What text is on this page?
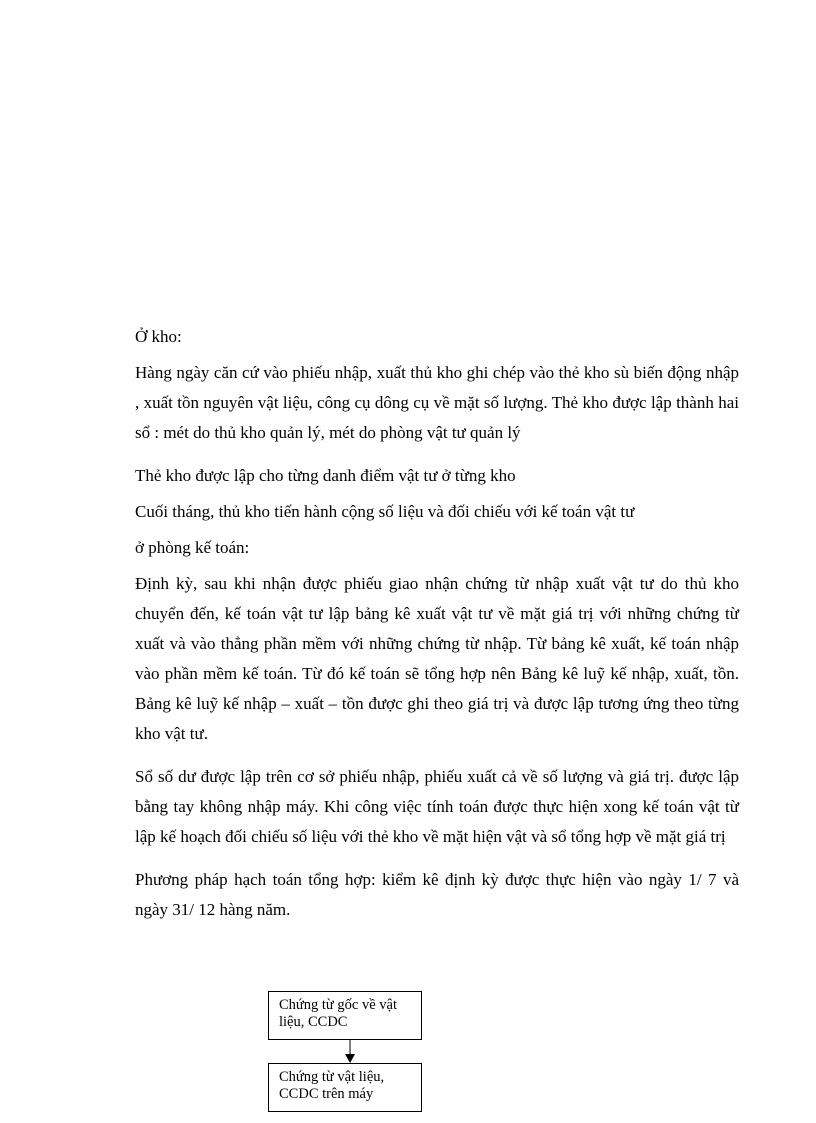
Ở kho:

Hàng ngày căn cứ vào phiếu nhập, xuất thủ kho ghi chép vào thẻ kho sù biến động nhập , xuất tồn nguyên vật liệu, công cụ dông cụ về mặt số lượng. Thẻ kho được lập thành hai sổ : mét do thủ kho quản lý, mét do phòng vật tư quản lý

Thẻ kho được lập cho từng danh điểm vật tư ở từng kho

Cuối tháng, thủ kho tiến hành cộng số liệu và đối chiếu với kế toán vật tư

ở phòng kế toán:

Định kỳ, sau khi nhận được phiếu giao nhận chứng từ nhập xuất vật tư do thủ kho chuyển đến, kế toán vật tư lập bảng kê xuất vật tư về mặt giá trị với những chứng từ xuất và vào thẳng phần mềm với những chứng từ nhập. Từ bảng kê xuất, kế toán nhập vào phần mềm kế toán. Từ đó kế toán sẽ tổng hợp nên Bảng kê luỹ kế nhập, xuất, tồn. Bảng kê luỹ kế nhập – xuất – tồn được ghi theo giá trị và được lập tương ứng theo từng kho vật tư.

Sổ số dư được lập trên cơ sở phiếu nhập, phiếu xuất cả về số lượng và giá trị. được lập bằng tay không nhập máy. Khi công việc tính toán được thực hiện xong kế toán vật từ lập kế hoạch đối chiếu số liệu với thẻ kho về mặt hiện vật và sổ tổng hợp về mặt giá trị

Phương pháp hạch toán tổng hợp: kiểm kê định kỳ được thực hiện vào ngày 1/ 7 và ngày 31/ 12 hàng năm.

Chứng từ gốc về vật liệu, CCDC
Chứng từ vật liệu, CCDC trên máy
